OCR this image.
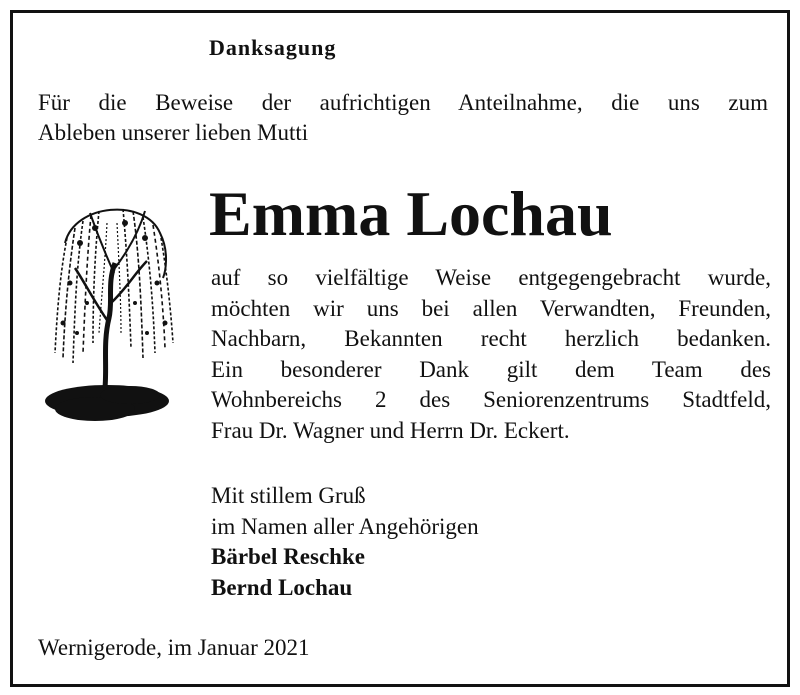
Danksagung
Für die Beweise der aufrichtigen Anteilnahme, die uns zum
Ableben unserer lieben Mutti
Emma Lochau
auf so vielfältige Weise entgegengebracht wurde,
möchten wir uns bei allen Verwandten, Freunden,
Nachbarn, Bekannten recht herzlich bedanken.
Ein besonderer Dank gilt dem Team des
Wohnbereichs 2 des Seniorenzentrums Stadtfeld,
Frau Dr. Wagner und Herrn Dr. Eckert.
Mit stillem Gruß
im Namen aller Angehörigen
Bärbel Reschke
Bernd Lochau
Wernigerode, im Januar 2021
